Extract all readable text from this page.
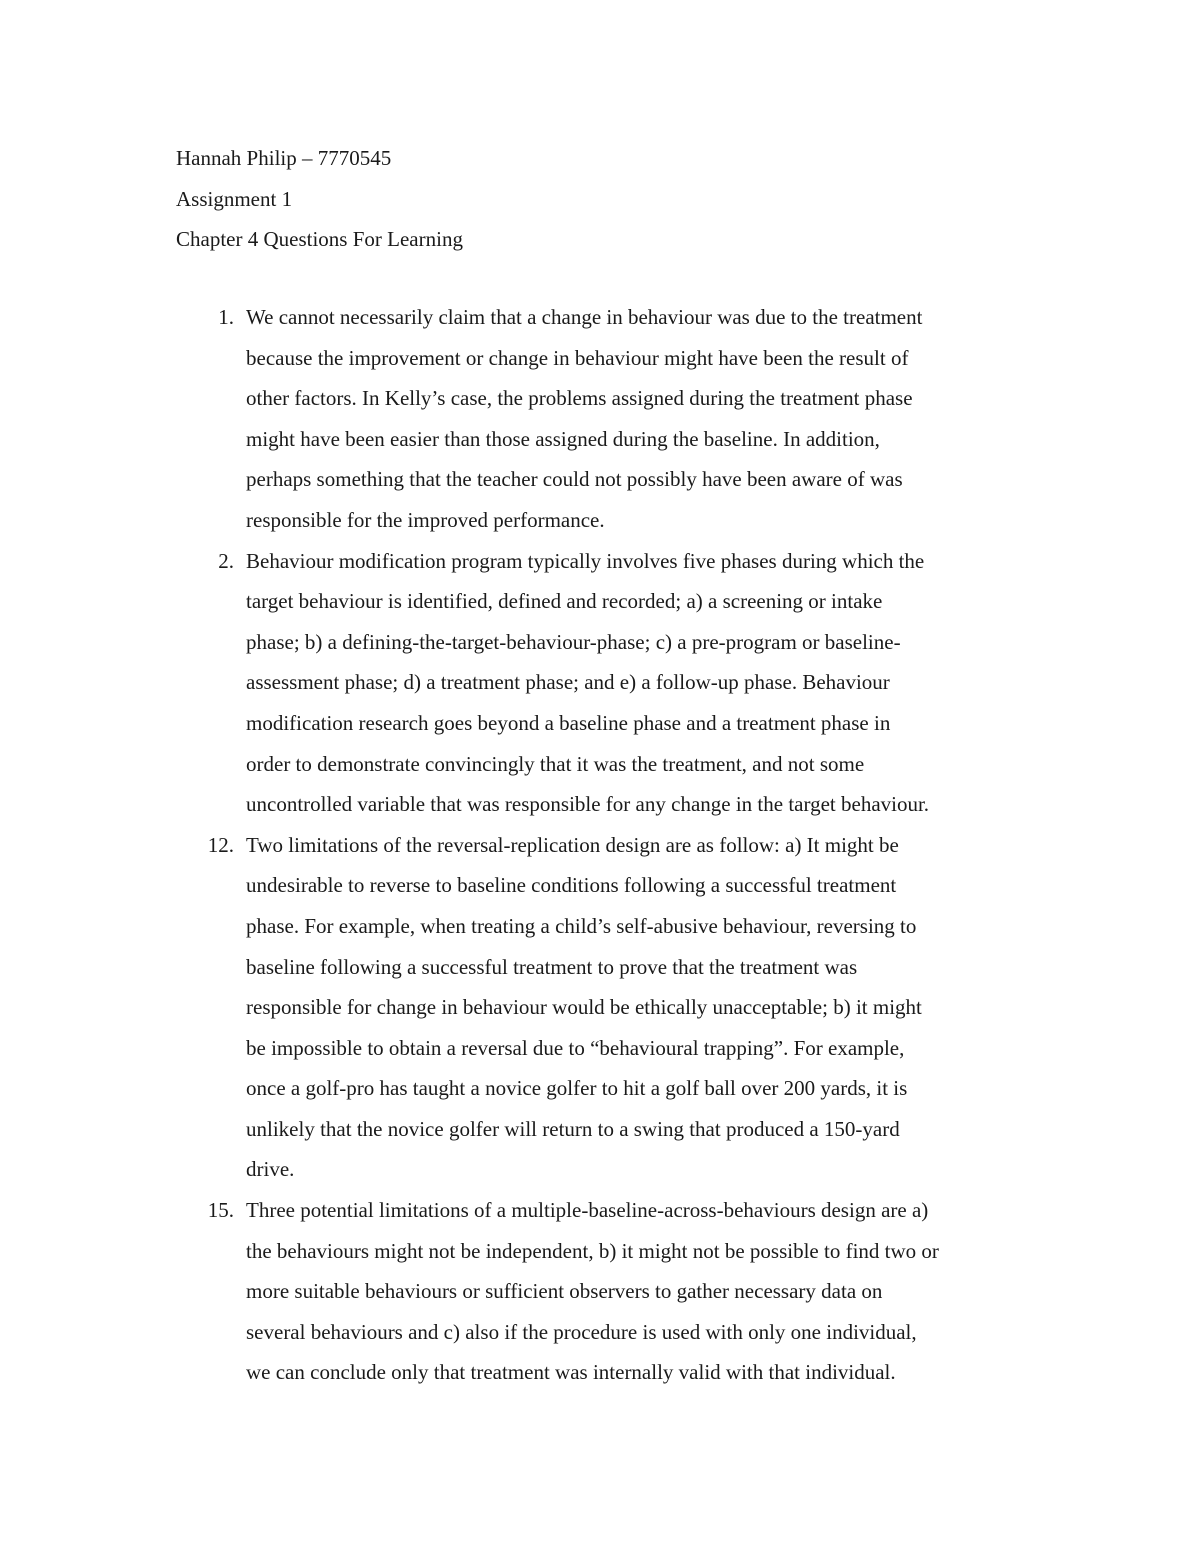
Hannah Philip – 7770545
Assignment 1
Chapter 4 Questions For Learning
1. We cannot necessarily claim that a change in behaviour was due to the treatment
because the improvement or change in behaviour might have been the result of
other factors. In Kelly’s case, the problems assigned during the treatment phase
might have been easier than those assigned during the baseline. In addition,
perhaps something that the teacher could not possibly have been aware of was
responsible for the improved performance.
2. Behaviour modification program typically involves five phases during which the
target behaviour is identified, defined and recorded; a) a screening or intake
phase; b) a defining-the-target-behaviour-phase; c) a pre-program or baseline-
assessment phase; d) a treatment phase; and e) a follow-up phase. Behaviour
modification research goes beyond a baseline phase and a treatment phase in
order to demonstrate convincingly that it was the treatment, and not some
uncontrolled variable that was responsible for any change in the target behaviour.
12. Two limitations of the reversal-replication design are as follow: a) It might be
undesirable to reverse to baseline conditions following a successful treatment
phase. For example, when treating a child’s self-abusive behaviour, reversing to
baseline following a successful treatment to prove that the treatment was
responsible for change in behaviour would be ethically unacceptable; b) it might
be impossible to obtain a reversal due to “behavioural trapping”. For example,
once a golf-pro has taught a novice golfer to hit a golf ball over 200 yards, it is
unlikely that the novice golfer will return to a swing that produced a 150-yard
drive.
15. Three potential limitations of a multiple-baseline-across-behaviours design are a)
the behaviours might not be independent, b) it might not be possible to find two or
more suitable behaviours or sufficient observers to gather necessary data on
several behaviours and c) also if the procedure is used with only one individual,
we can conclude only that treatment was internally valid with that individual.
